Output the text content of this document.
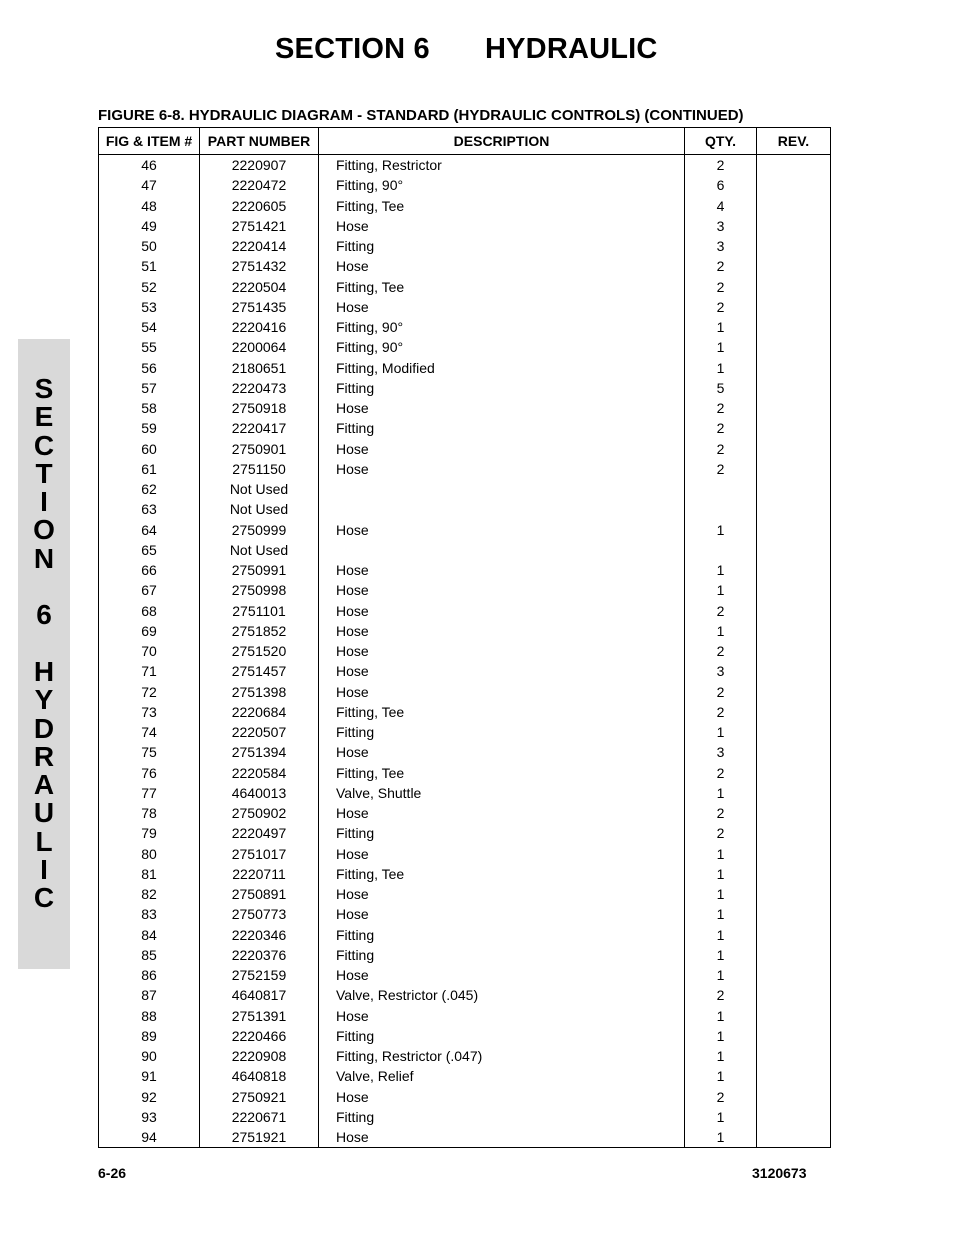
SECTION 6 HYDRAULIC
FIGURE 6-8. HYDRAULIC DIAGRAM - STANDARD (HYDRAULIC CONTROLS) (CONTINUED)
S
E
C
T
I
O
N
6
H
Y
D
R
A
U
L
I
C
FIG & ITEM #	PART NUMBER	DESCRIPTION	QTY.	REV.
46	2220907	Fitting, Restrictor	2	
47	2220472	Fitting, 90°	6	
48	2220605	Fitting, Tee	4	
49	2751421	Hose	3	
50	2220414	Fitting	3	
51	2751432	Hose	2	
52	2220504	Fitting, Tee	2	
53	2751435	Hose	2	
54	2220416	Fitting, 90°	1	
55	2200064	Fitting, 90°	1	
56	2180651	Fitting, Modified	1	
57	2220473	Fitting	5	
58	2750918	Hose	2	
59	2220417	Fitting	2	
60	2750901	Hose	2	
61	2751150	Hose	2	
62	Not Used			
63	Not Used			
64	2750999	Hose	1	
65	Not Used			
66	2750991	Hose	1	
67	2750998	Hose	1	
68	2751101	Hose	2	
69	2751852	Hose	1	
70	2751520	Hose	2	
71	2751457	Hose	3	
72	2751398	Hose	2	
73	2220684	Fitting, Tee	2	
74	2220507	Fitting	1	
75	2751394	Hose	3	
76	2220584	Fitting, Tee	2	
77	4640013	Valve, Shuttle	1	
78	2750902	Hose	2	
79	2220497	Fitting	2	
80	2751017	Hose	1	
81	2220711	Fitting, Tee	1	
82	2750891	Hose	1	
83	2750773	Hose	1	
84	2220346	Fitting	1	
85	2220376	Fitting	1	
86	2752159	Hose	1	
87	4640817	Valve, Restrictor (.045)	2	
88	2751391	Hose	1	
89	2220466	Fitting	1	
90	2220908	Fitting, Restrictor (.047)	1	
91	4640818	Valve, Relief	1	
92	2750921	Hose	2	
93	2220671	Fitting	1	
94	2751921	Hose	1	
6-26	3120673
